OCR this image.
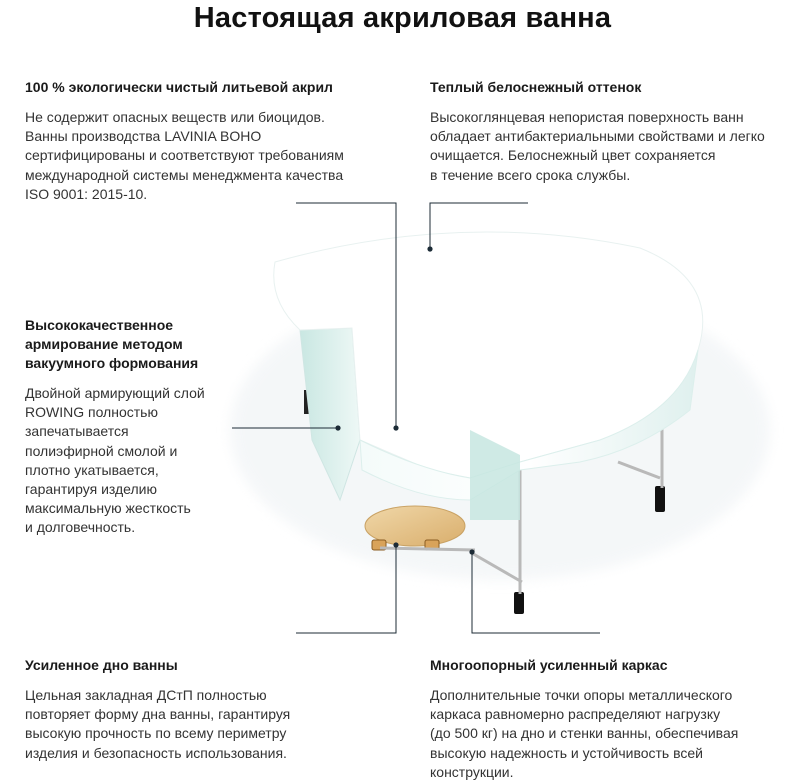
Настоящая акриловая ванна
100 % экологически чистый литьевой акрил

Не содержит опасных веществ или биоцидов.
Ванны производства LAVINIA BOHO
сертифицированы и соответствуют требованиям
международной системы менеджмента качества
ISO 9001: 2015-10.

Теплый белоснежный оттенок

Высокоглянцевая непористая поверхность ванн
обладает антибактериальными свойствами и легко
очищается. Белоснежный цвет сохраняется
в течение всего срока службы.

Высококачественное
армирование методом
вакуумного формования

Двойной армирующий слой
ROWING полностью
запечатывается
полиэфирной смолой и
плотно укатывается,
гарантируя изделию
максимальную жесткость
и долговечность.

Усиленное дно ванны

Цельная закладная ДСтП полностью
повторяет форму дна ванны, гарантируя
высокую прочность по всему периметру
изделия и безопасность использования.

Многоопорный усиленный каркас

Дополнительные точки опоры металлического
каркаса равномерно распределяют нагрузку
(до 500 кг) на дно и стенки ванны, обеспечивая
высокую надежность и устойчивость всей
конструкции.
